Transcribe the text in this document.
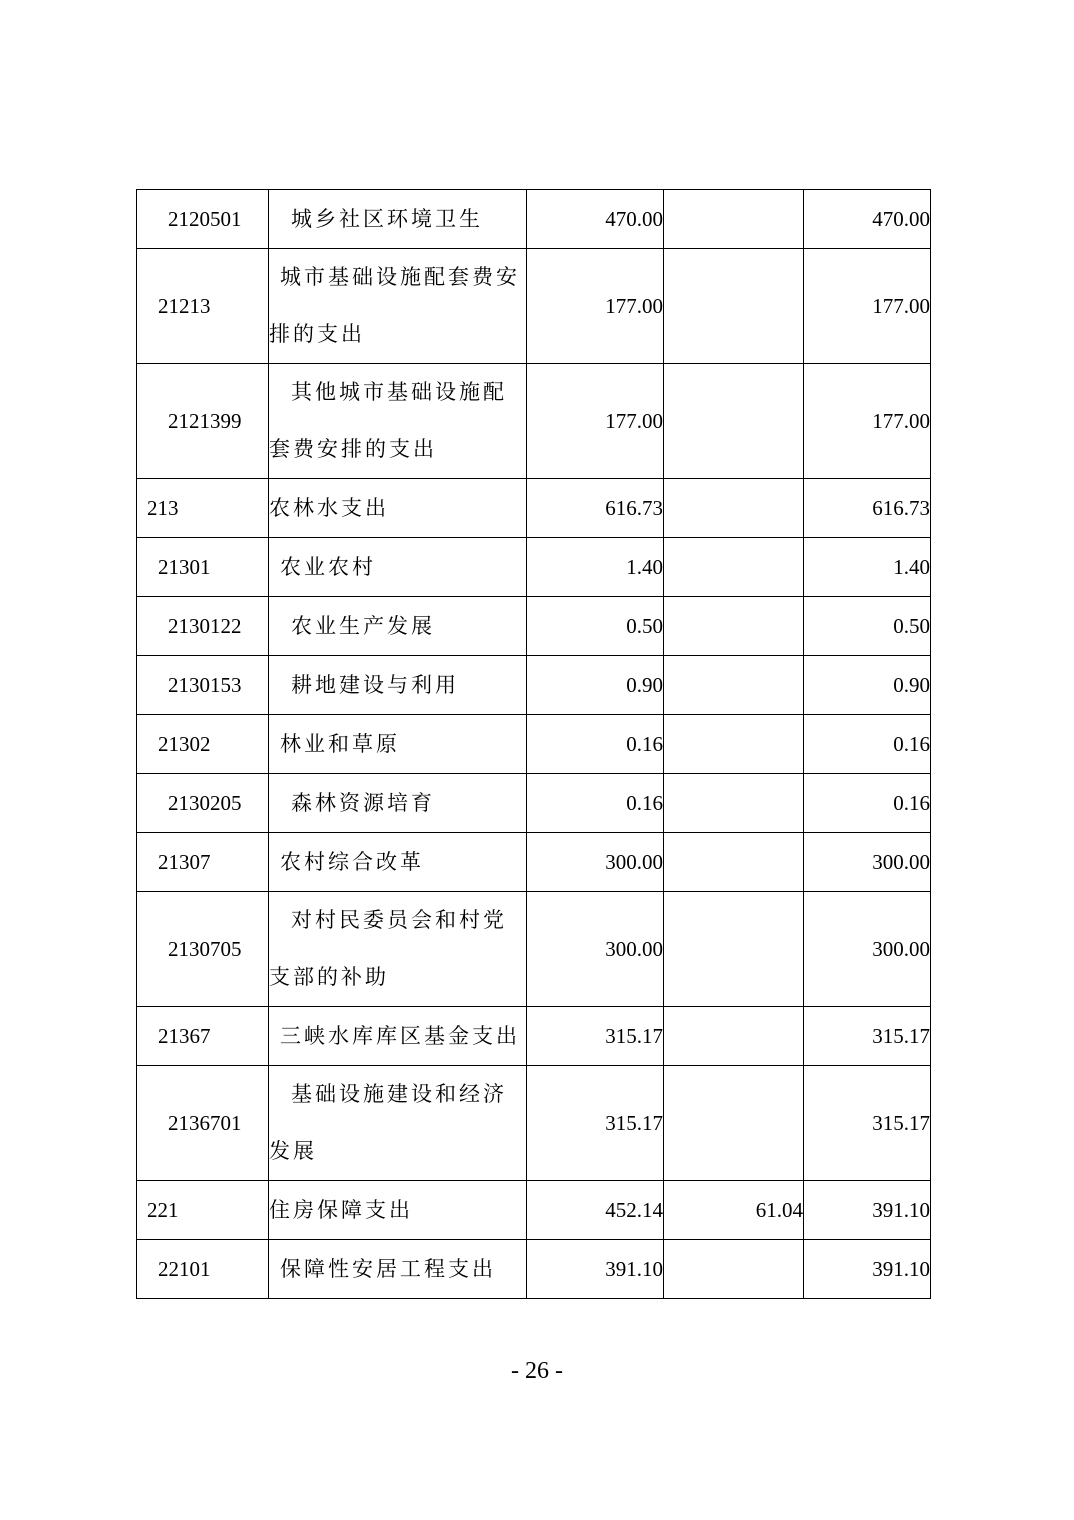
2120501	城乡社区环境卫生	470.00		470.00
21213	城市基础设施配套费安排的支出	177.00		177.00
2121399	其他城市基础设施配套费安排的支出	177.00		177.00
213	农林水支出	616.73		616.73
21301	农业农村	1.40		1.40
2130122	农业生产发展	0.50		0.50
2130153	耕地建设与利用	0.90		0.90
21302	林业和草原	0.16		0.16
2130205	森林资源培育	0.16		0.16
21307	农村综合改革	300.00		300.00
2130705	对村民委员会和村党支部的补助	300.00		300.00
21367	三峡水库库区基金支出	315.17		315.17
2136701	基础设施建设和经济发展	315.17		315.17
221	住房保障支出	452.14	61.04	391.10
22101	保障性安居工程支出	391.10		391.10
- 26 -
